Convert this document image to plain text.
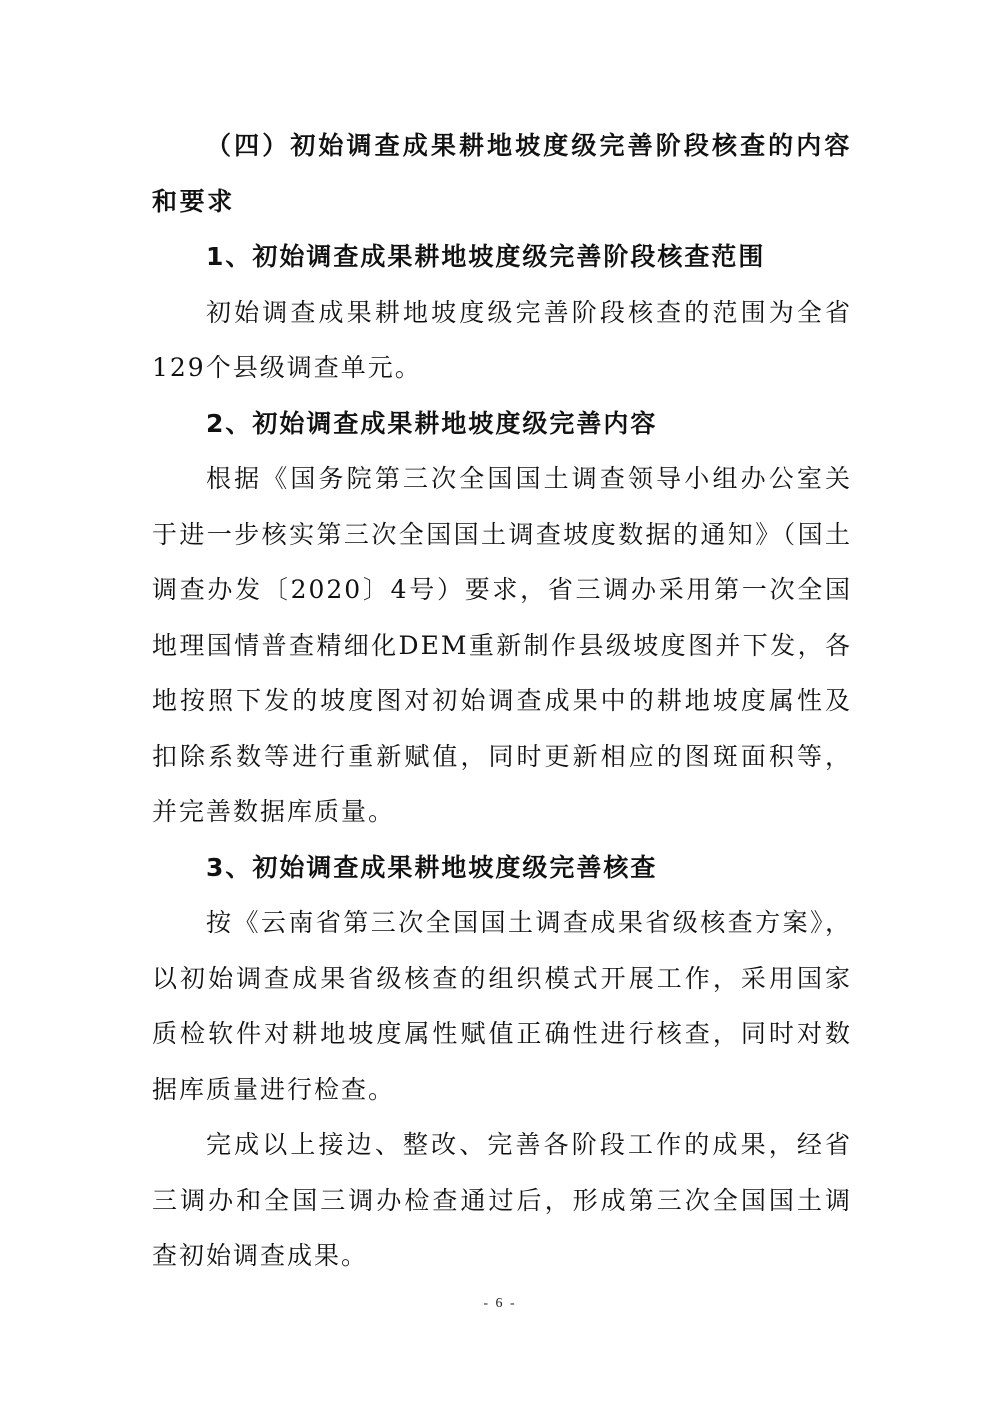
（四）初始调查成果耕地坡度级完善阶段核查的内容和要求

1、初始调查成果耕地坡度级完善阶段核查范围

初始调查成果耕地坡度级完善阶段核查的范围为全省129个县级调查单元。

2、初始调查成果耕地坡度级完善内容

根据《国务院第三次全国国土调查领导小组办公室关于进一步核实第三次全国国土调查坡度数据的通知》（国土调查办发〔2020〕4号）要求，省三调办采用第一次全国地理国情普查精细化DEM重新制作县级坡度图并下发，各地按照下发的坡度图对初始调查成果中的耕地坡度属性及扣除系数等进行重新赋值，同时更新相应的图斑面积等，并完善数据库质量。

3、初始调查成果耕地坡度级完善核查

按《云南省第三次全国国土调查成果省级核查方案》，以初始调查成果省级核查的组织模式开展工作，采用国家质检软件对耕地坡度属性赋值正确性进行核查，同时对数据库质量进行检查。

完成以上接边、整改、完善各阶段工作的成果，经省三调办和全国三调办检查通过后，形成第三次全国国土调查初始调查成果。

- 6 -
